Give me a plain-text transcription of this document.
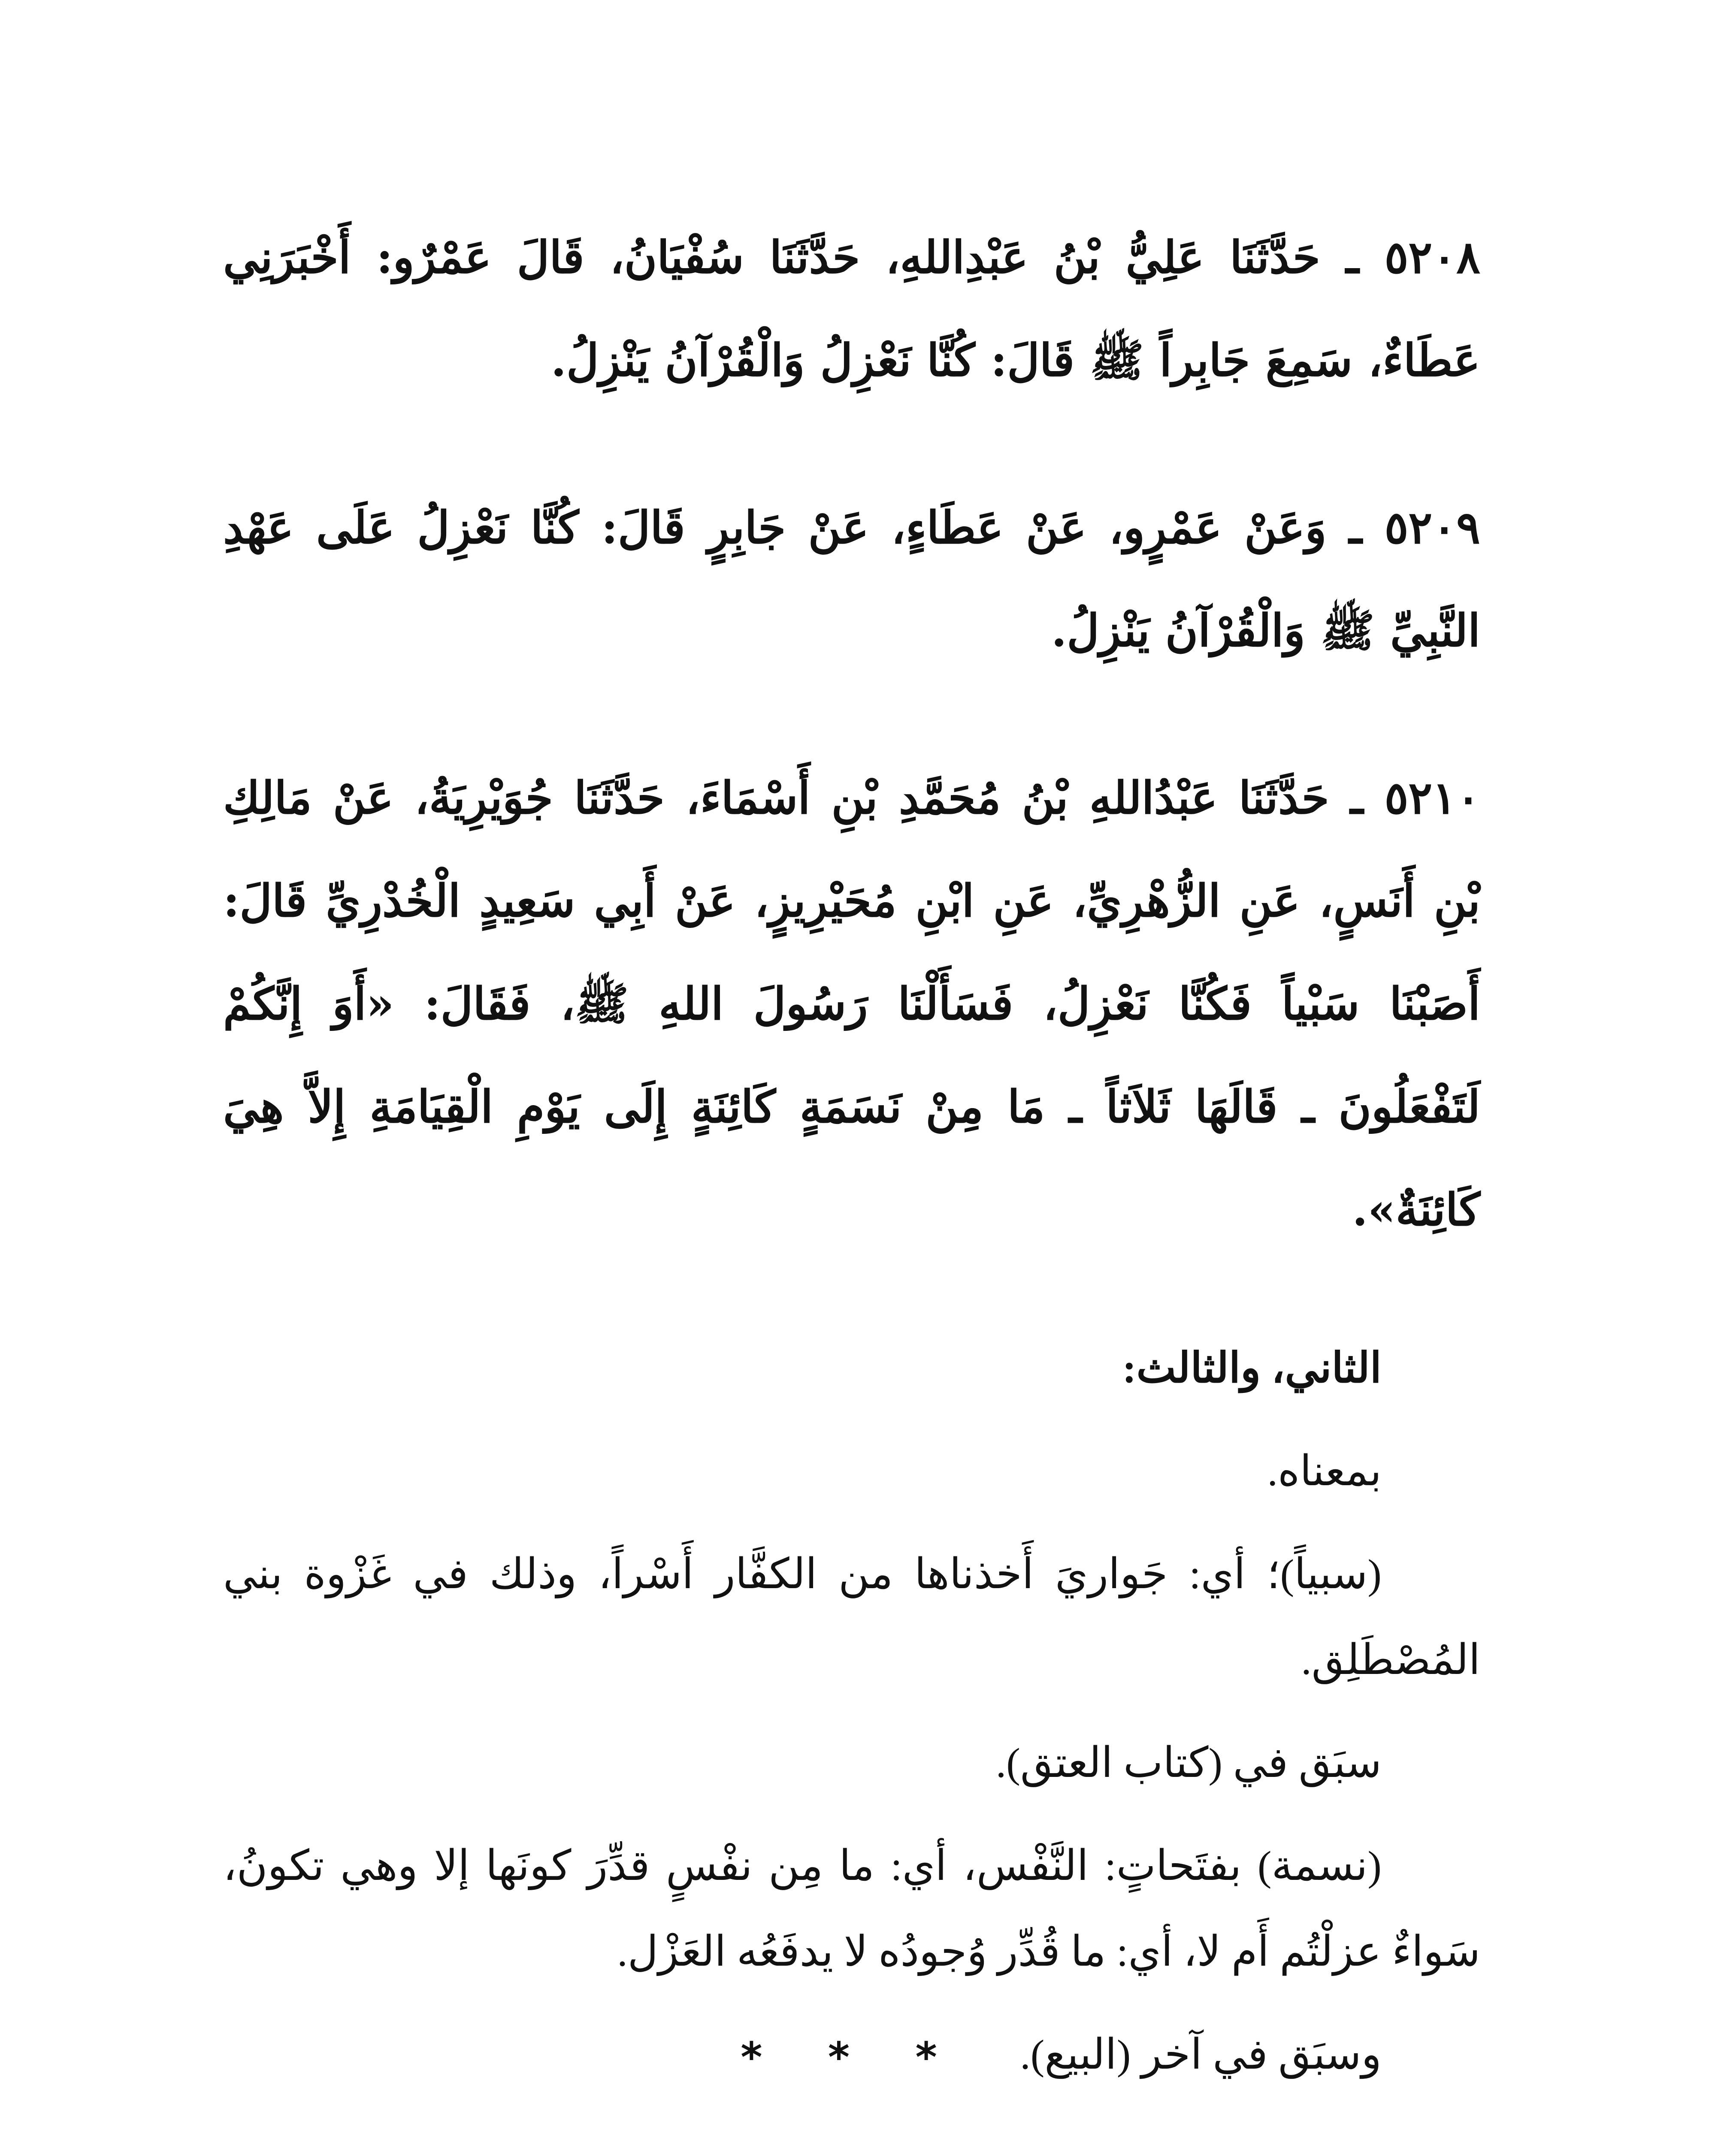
٥٢٠٨ ـ حَدَّثَنَا عَلِيُّ بْنُ عَبْدِاللهِ، حَدَّثَنَا سُفْيَانُ، قَالَ عَمْرٌو: أَخْبَرَنِي عَطَاءٌ، سَمِعَ جَابِراً ﷺ قَالَ: كُنَّا نَعْزِلُ وَالْقُرْآنُ يَنْزِلُ.

٥٢٠٩ ـ وَعَنْ عَمْرٍو، عَنْ عَطَاءٍ، عَنْ جَابِرٍ قَالَ: كُنَّا نَعْزِلُ عَلَى عَهْدِ النَّبِيِّ ﷺ وَالْقُرْآنُ يَنْزِلُ.

٥٢١٠ ـ حَدَّثَنَا عَبْدُاللهِ بْنُ مُحَمَّدِ بْنِ أَسْمَاءَ، حَدَّثَنَا جُوَيْرِيَةُ، عَنْ مَالِكِ بْنِ أَنَسٍ، عَنِ الزُّهْرِيِّ، عَنِ ابْنِ مُحَيْرِيزٍ، عَنْ أَبِي سَعِيدٍ الْخُدْرِيِّ قَالَ: أَصَبْنَا سَبْياً فَكُنَّا نَعْزِلُ، فَسَأَلْنَا رَسُولَ اللهِ ﷺ، فَقَالَ: «أَوَ إِنَّكُمْ لَتَفْعَلُونَ ـ قَالَهَا ثَلاَثاً ـ مَا مِنْ نَسَمَةٍ كَائِنَةٍ إِلَى يَوْمِ الْقِيَامَةِ إِلاَّ هِيَ كَائِنَةٌ».

الثاني، والثالث:

بمعناه.

(سبياً)؛ أي: جَواريَ أَخذناها من الكفَّار أَسْراً، وذلك في غَزْوة بني المُصْطَلِق.

سبَق في (كتاب العتق).

(نسمة) بفتَحاتٍ: النَّفْس، أي: ما مِن نفْسٍ قدِّرَ كونَها إلا وهي تكونُ، سَواءٌ عزلْتُم أَم لا، أي: ما قُدِّر وُجودُه لا يدفَعُه العَزْل.

وسبَق في آخر (البيع).

* * *
